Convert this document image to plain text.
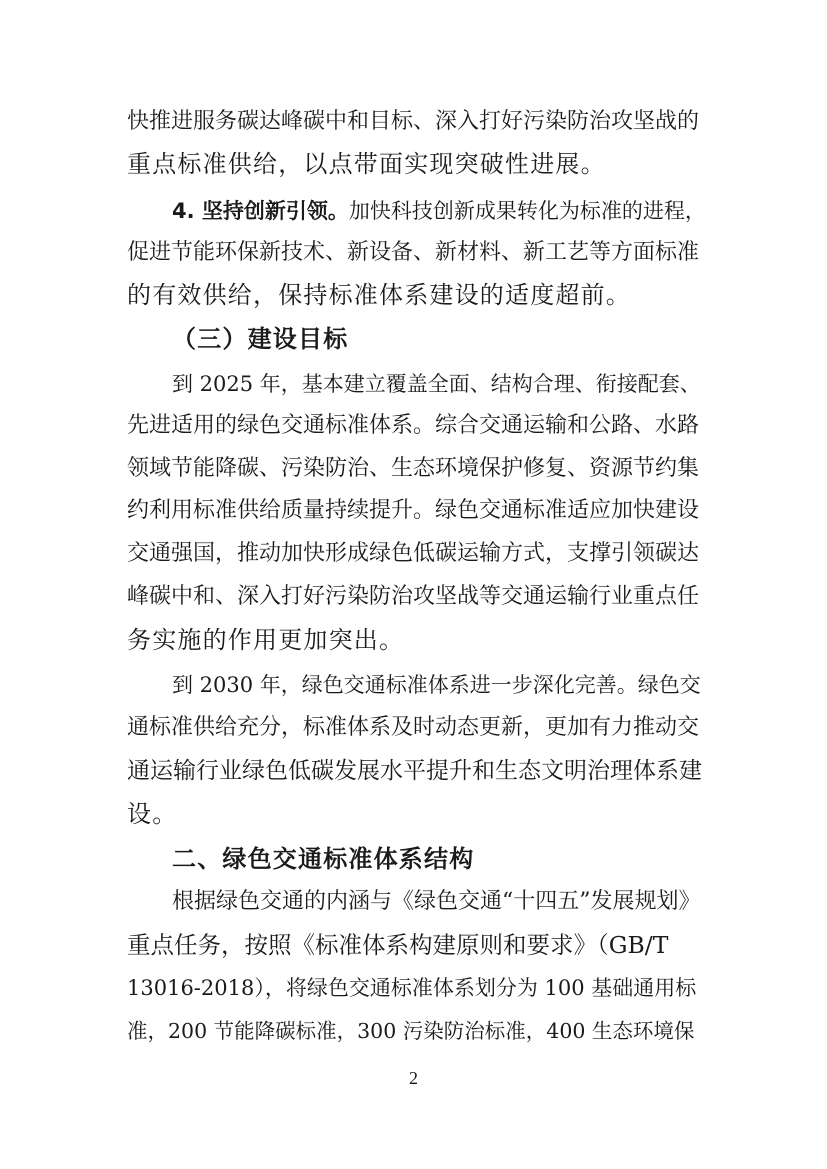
快推进服务碳达峰碳中和目标、深入打好污染防治攻坚战的
重点标准供给，以点带面实现突破性进展。
4. 坚持创新引领。加快科技创新成果转化为标准的进程，
促进节能环保新技术、新设备、新材料、新工艺等方面标准
的有效供给，保持标准体系建设的适度超前。
（三）建设目标
到 2025 年，基本建立覆盖全面、结构合理、衔接配套、
先进适用的绿色交通标准体系。综合交通运输和公路、水路
领域节能降碳、污染防治、生态环境保护修复、资源节约集
约利用标准供给质量持续提升。绿色交通标准适应加快建设
交通强国，推动加快形成绿色低碳运输方式，支撑引领碳达
峰碳中和、深入打好污染防治攻坚战等交通运输行业重点任
务实施的作用更加突出。
到 2030 年，绿色交通标准体系进一步深化完善。绿色交
通标准供给充分，标准体系及时动态更新，更加有力推动交
通运输行业绿色低碳发展水平提升和生态文明治理体系建
设。
二、绿色交通标准体系结构
根据绿色交通的内涵与《绿色交通“十四五”发展规划》
重点任务，按照《标准体系构建原则和要求》（GB/T
13016-2018），将绿色交通标准体系划分为 100 基础通用标
准，200 节能降碳标准，300 污染防治标准，400 生态环境保
2
